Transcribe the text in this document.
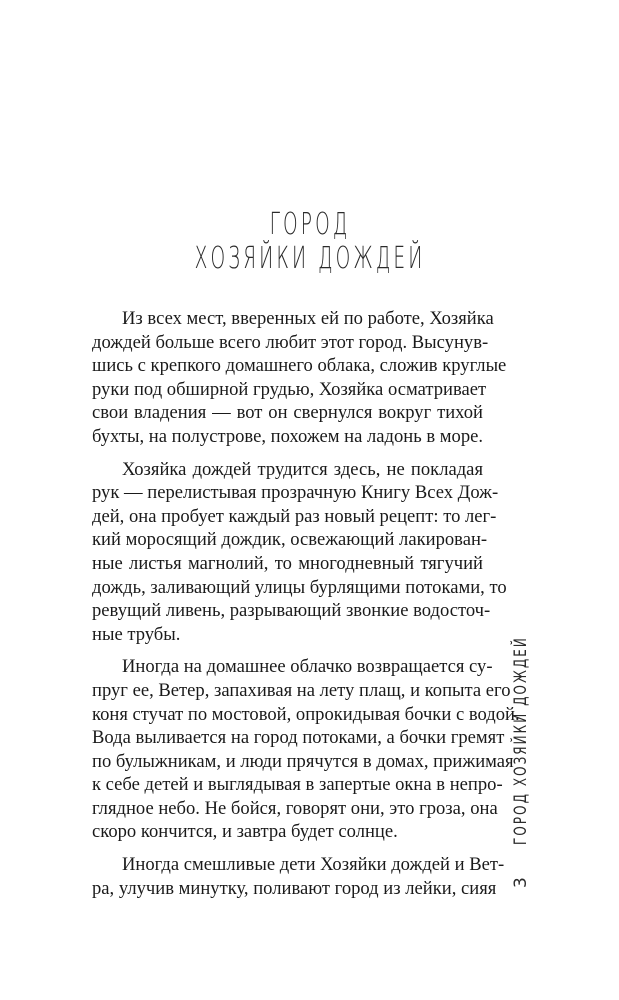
ГОРОД
ХОЗЯЙКИ ДОЖДЕЙ
Из всех мест, вверенных ей по работе, Хозяйка
дождей больше всего любит этот город. Высунув-
шись с крепкого домашнего облака, сложив круглые
руки под обширной грудью, Хозяйка осматривает
свои владения — вот он свернулся вокруг тихой
бухты, на полустрове, похожем на ладонь в море.
Хозяйка дождей трудится здесь, не покладая
рук — перелистывая прозрачную Книгу Всех Дож-
дей, она пробует каждый раз новый рецепт: то лег-
кий моросящий дождик, освежающий лакирован-
ные листья магнолий, то многодневный тягучий
дождь, заливающий улицы бурлящими потоками, то
ревущий ливень, разрывающий звонкие водосточ-
ные трубы.
Иногда на домашнее облачко возвращается су-
пруг ее, Ветер, запахивая на лету плащ, и копыта его
коня стучат по мостовой, опрокидывая бочки с водой.
Вода выливается на город потоками, а бочки гремят
по булыжникам, и люди прячутся в домах, прижимая
к себе детей и выглядывая в запертые окна в непро-
глядное небо. Не бойся, говорят они, это гроза, она
скоро кончится, и завтра будет солнце.
Иногда смешливые дети Хозяйки дождей и Вет-
ра, улучив минутку, поливают город из лейки, сияя
ГОРОД ХОЗЯЙКИ ДОЖДЕЙ
3
